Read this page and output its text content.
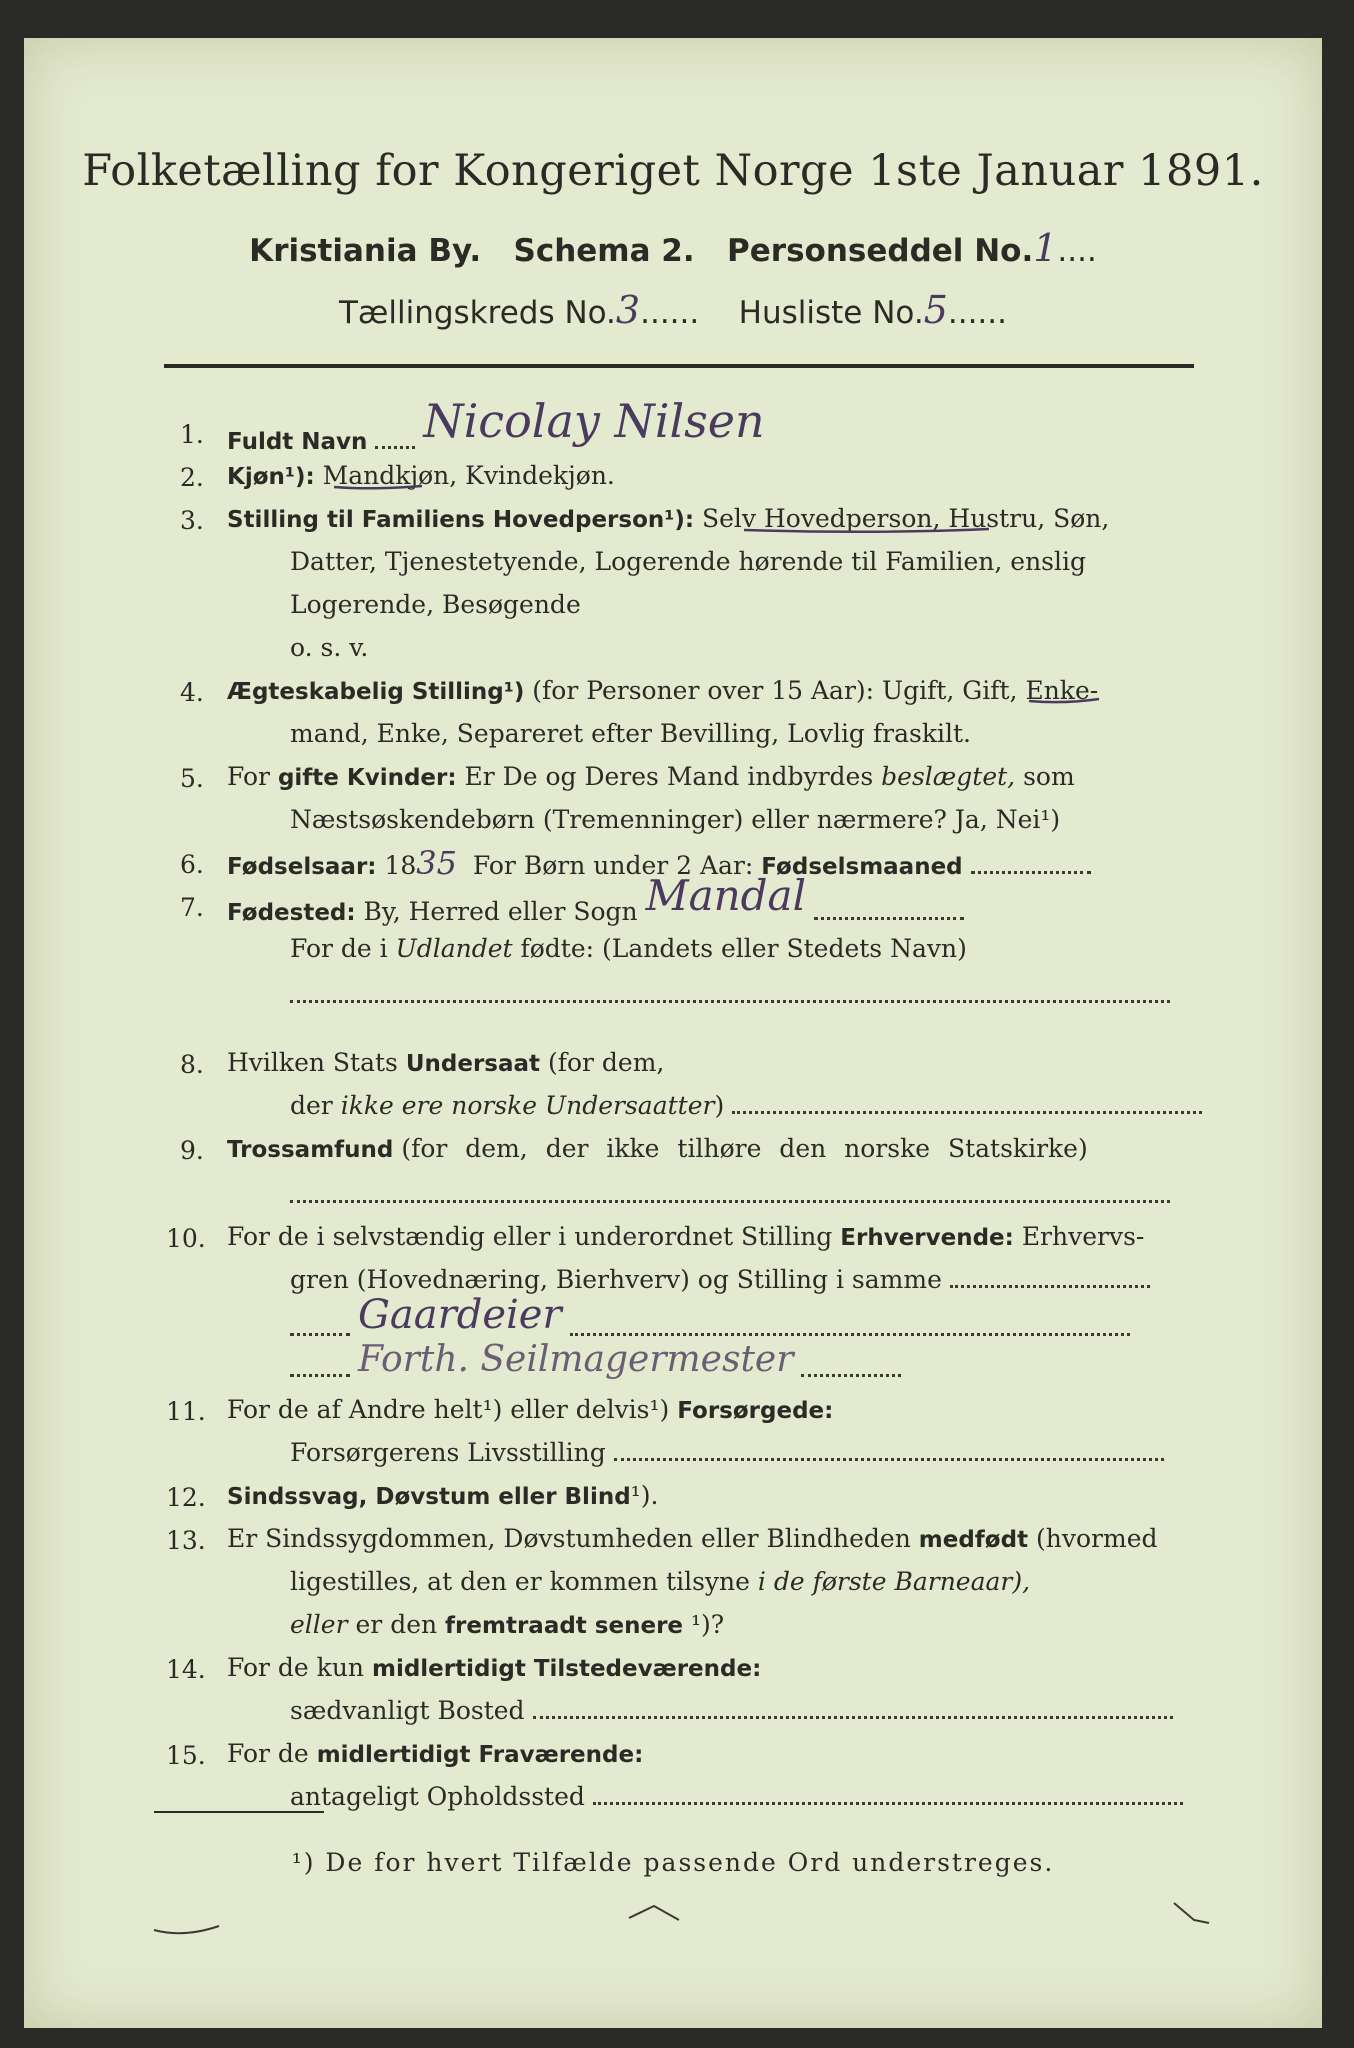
Folketælling for Kongeriget Norge 1ste Januar 1891.
Kristiania By. Schema 2. Personseddel No.1....
Tællingskreds No.3...... Husliste No.5......
1. Fuldt Navn Nicolay Nilsen
2. Kjøn¹): Mandkjøn, Kvindekjøn.
3. Stilling til Familiens Hovedperson¹): Selv Hovedperson, Hustru, Søn,
Datter, Tjenestetyende, Logerende hørende til Familien, enslig
Logerende, Besøgende
o. s. v.
4. Ægteskabelig Stilling¹) (for Personer over 15 Aar): Ugift, Gift, Enke-
mand, Enke, Separeret efter Bevilling, Lovlig fraskilt.
5. For gifte Kvinder: Er De og Deres Mand indbyrdes beslægtet, som
Næstsøskendebørn (Tremenninger) eller nærmere? Ja, Nei¹)
6. Fødselsaar: 1835 For Børn under 2 Aar: Fødselsmaaned
7. Fødested: By, Herred eller Sogn Mandal
For de i Udlandet fødte: (Landets eller Stedets Navn)
8. Hvilken Stats Undersaat (for dem,
der ikke ere norske Undersaatter)
9. Trossamfund (for dem, der ikke tilhøre den norske Statskirke)
10. For de i selvstændig eller i underordnet Stilling Erhvervende: Erhvervs-
gren (Hovednæring, Bierhverv) og Stilling i samme
Gaardeier
Forth. Seilmagermester
11. For de af Andre helt¹) eller delvis¹) Forsørgede:
Forsørgerens Livsstilling
12. Sindssvag, Døvstum eller Blind¹).
13. Er Sindssygdommen, Døvstumheden eller Blindheden medfødt (hvormed
ligestilles, at den er kommen tilsyne i de første Barneaar),
eller er den fremtraadt senere ¹)?
14. For de kun midlertidigt Tilstedeværende:
sædvanligt Bosted
15. For de midlertidigt Fraværende:
antageligt Opholdssted
¹) De for hvert Tilfælde passende Ord understreges.
